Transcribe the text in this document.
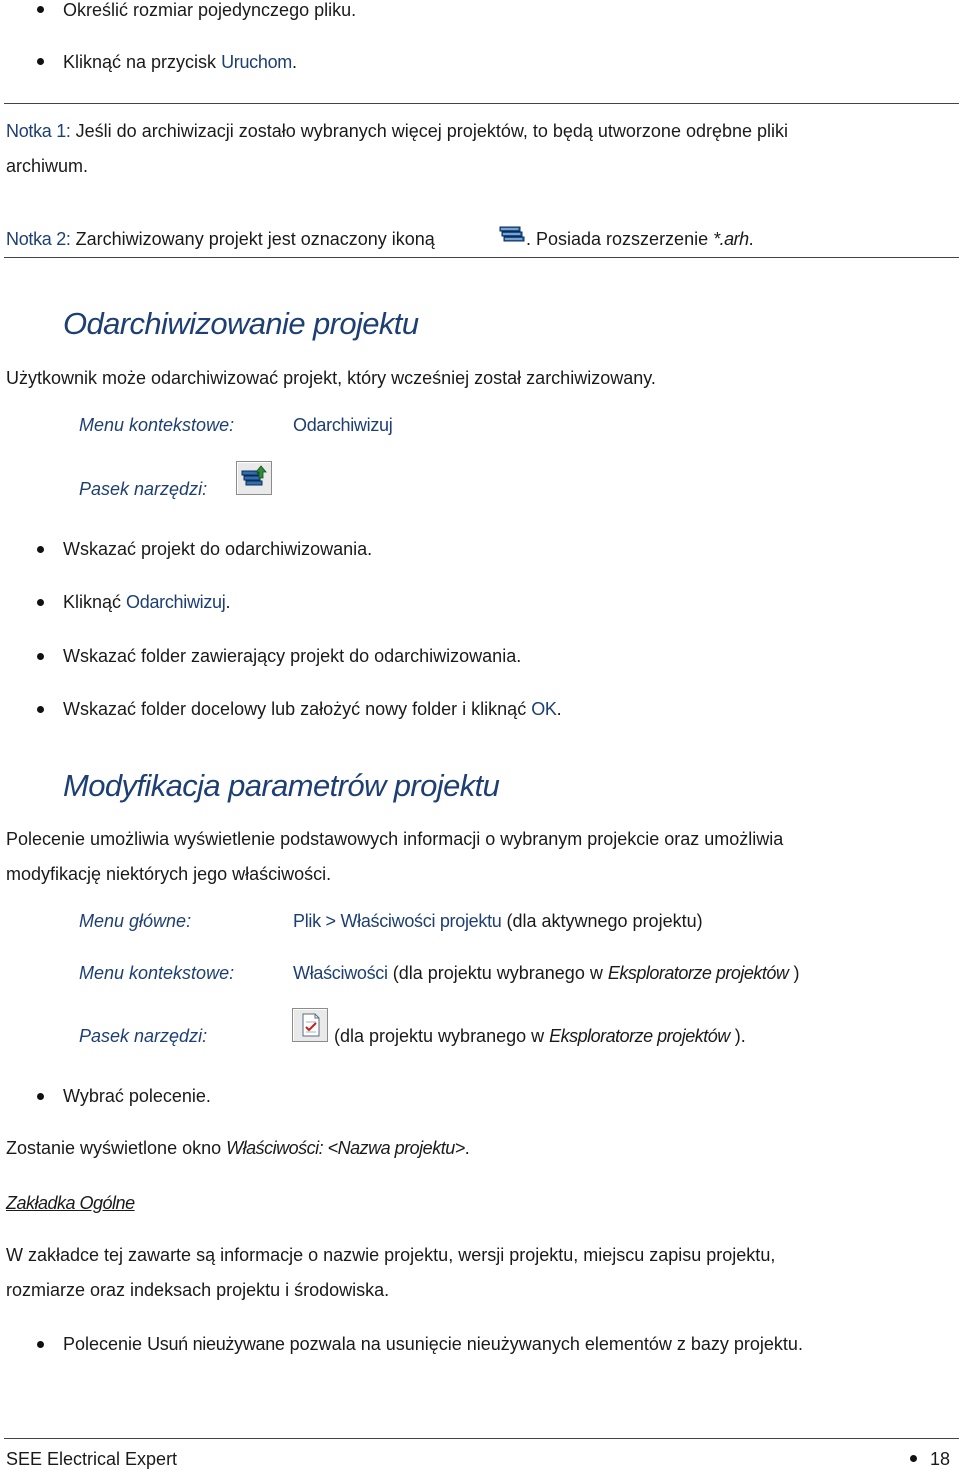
Określić rozmiar pojedynczego pliku.
Kliknąć na przycisk Uruchom.
Notka 1: Jeśli do archiwizacji zostało wybranych więcej projektów, to będą utworzone odrębne pliki
archiwum.
Notka 2: Zarchiwizowany projekt jest oznaczony ikoną	. Posiada rozszerzenie *.arh.
Odarchiwizowanie projektu
Użytkownik może odarchiwizować projekt, który wcześniej został zarchiwizowany.
Menu kontekstowe:	Odarchiwizuj
Pasek narzędzi:
Wskazać projekt do odarchiwizowania.
Kliknąć Odarchiwizuj.
Wskazać folder zawierający projekt do odarchiwizowania.
Wskazać folder docelowy lub założyć nowy folder i kliknąć OK.
Modyfikacja parametrów projektu
Polecenie umożliwia wyświetlenie podstawowych informacji o wybranym projekcie oraz umożliwia
modyfikację niektórych jego właściwości.
Menu główne:	Plik > Właściwości projektu (dla aktywnego projektu)
Menu kontekstowe:	Właściwości (dla projektu wybranego w Eksploratorze projektów )
Pasek narzędzi:	(dla projektu wybranego w Eksploratorze projektów ).
Wybrać polecenie.
Zostanie wyświetlone okno Właściwości: <Nazwa projektu>.
Zakładka Ogólne
W zakładce tej zawarte są informacje o nazwie projektu, wersji projektu, miejscu zapisu projektu,
rozmiarze oraz indeksach projektu i środowiska.
Polecenie Usuń nieużywane pozwala na usunięcie nieużywanych elementów z bazy projektu.
SEE Electrical Expert	18
